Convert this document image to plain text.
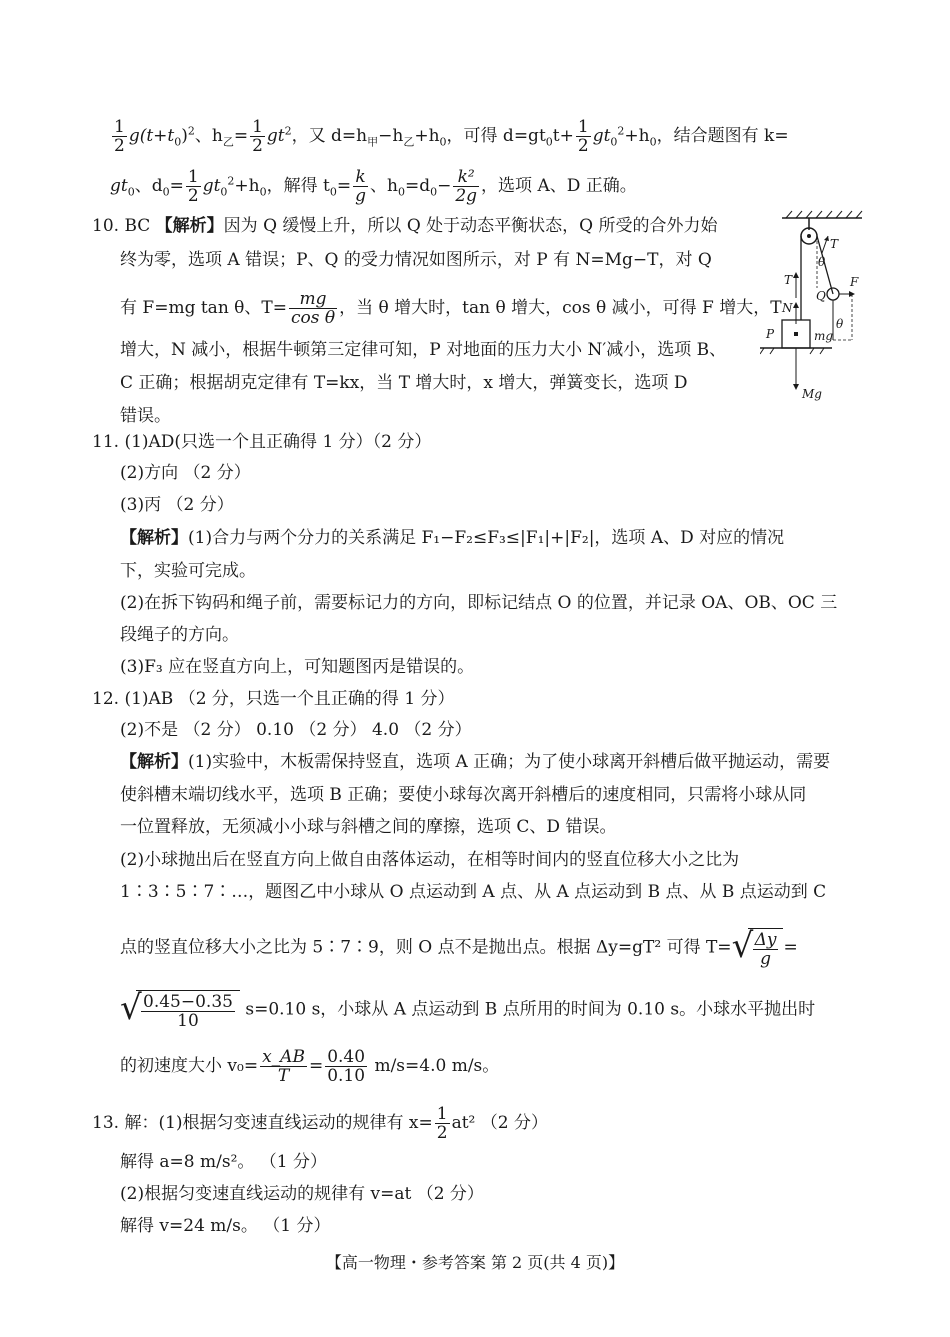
$\frac{1}{2} g(t+t_0)^2$、$h_乙= \frac{1}{2} gt^2$，又 $d=h_甲-h_乙+h_0$，可得 $d=gt_0t+ \frac{1}{2} gt_0^2+h_0$，结合题图有 k=
$gt_0$、$d_0= \frac{1}{2} gt_0^2+h_0$，解得 $t_0= \frac{k}{g}$ 、$h_0=d_0- \frac{\text{k²}}{2g}$ ，选项 A、D 正确。
10. BC 【解析】因为 Q 缓慢上升，所以 Q 处于动态平衡状态，Q 所受的合外力始
终为零，选项 A 错误；P、Q 的受力情况如图所示，对 P 有 N=Mg−T，对 Q
有 F=mg tan θ、$T= \frac{mg}{\text{cos θ}}$ ，当 θ 增大时，tan θ 增大，cos θ 减小，可得 F 增大，T
增大，N 减小，根据牛顿第三定律可知，P 对地面的压力大小 N′减小，选项 B、
C 正确；根据胡克定律有 T=kx，当 T 增大时，x 增大，弹簧变长，选项 D
错误。
T
θ
Q
F
θ
T
N
P	mg
Mg
11. (1)AD(只选一个且正确得 1 分）（2 分）
(2)方向 （2 分）
(3)丙 （2 分）
【解析】(1)合力与两个分力的关系满足 F₁−F₂≤F₃≤|F₁|+|F₂|，选项 A、D 对应的情况
下，实验可完成。
(2)在拆下钩码和绳子前，需要标记力的方向，即标记结点 O 的位置，并记录 OA、OB、OC 三
段绳子的方向。
(3)F₃ 应在竖直方向上，可知题图丙是错误的。
12. (1)AB （2 分，只选一个且正确的得 1 分）
(2)不是 （2 分） 0.10 （2 分） 4.0 （2 分）
【解析】(1)实验中，木板需保持竖直，选项 A 正确；为了使小球离开斜槽后做平抛运动，需要
使斜槽末端切线水平，选项 B 正确；要使小球每次离开斜槽后的速度相同，只需将小球从同
一位置释放，无须减小小球与斜槽之间的摩擦，选项 C、D 错误。
(2)小球抛出后在竖直方向上做自由落体运动，在相等时间内的竖直位移大小之比为
1∶3∶5∶7∶…，题图乙中小球从 O 点运动到 A 点、从 A 点运动到 B 点、从 B 点运动到 C
点的竖直位移大小之比为 5∶7∶9，则 O 点不是抛出点。根据 Δy=gT² 可得 T= √ $\frac{\Delta y}{g}$ =
√ $\frac{0.45-0.35}{10} s=0.10$ s，小球从 A 点运动到 B 点所用的时间为 0.10 s。小球水平抛出时
的初速度大小 $v_0= \frac{x\_AB}{T} = \frac{0.40}{0.10} m/s=4.0$ m/s。
13. 解：(1)根据匀变速直线运动的规律有 $x= \frac{1}{2} at^2$ （2 分）
解得 a=8 m/s²。 （1 分）
(2)根据匀变速直线运动的规律有 v=at （2 分）
解得 v=24 m/s。 （1 分）
【高一物理・参考答案 第 2 页(共 4 页)】
